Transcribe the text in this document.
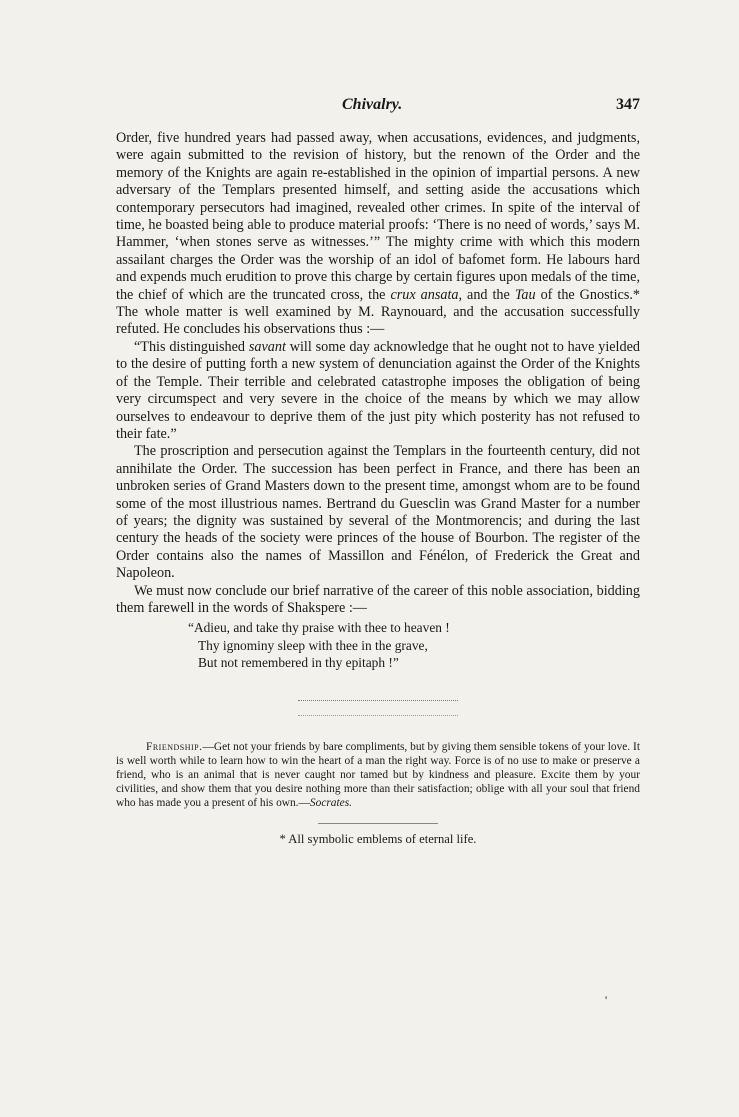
Chivalry.	347

Order, five hundred years had passed away, when accusations, evidences, and judgments, were again submitted to the revision of history, but the renown of the Order and the memory of the Knights are again re-established in the opinion of impartial persons. A new adversary of the Templars presented himself, and setting aside the accusations which contemporary persecutors had imagined, revealed other crimes. In spite of the interval of time, he boasted being able to produce material proofs: ‘There is no need of words,’ says M. Hammer, ‘when stones serve as witnesses.’” The mighty crime with which this modern assailant charges the Order was the worship of an idol of bafomet form. He labours hard and expends much erudition to prove this charge by certain figures upon medals of the time, the chief of which are the truncated cross, the crux ansata, and the Tau of the Gnostics.* The whole matter is well examined by M. Raynouard, and the accusation successfully refuted. He concludes his observations thus :—

“This distinguished savant will some day acknowledge that he ought not to have yielded to the desire of putting forth a new system of denunciation against the Order of the Knights of the Temple. Their terrible and celebrated catastrophe imposes the obligation of being very circumspect and very severe in the choice of the means by which we may allow ourselves to endeavour to deprive them of the just pity which posterity has not refused to their fate.”

The proscription and persecution against the Templars in the fourteenth century, did not annihilate the Order. The succession has been perfect in France, and there has been an unbroken series of Grand Masters down to the present time, amongst whom are to be found some of the most illustrious names. Bertrand du Guesclin was Grand Master for a number of years; the dignity was sustained by several of the Montmorencis; and during the last century the heads of the society were princes of the house of Bourbon. The register of the Order contains also the names of Massillon and Fénélon, of Frederick the Great and Napoleon.

We must now conclude our brief narrative of the career of this noble association, bidding them farewell in the words of Shakspere :—

“Adieu, and take thy praise with thee to heaven !
Thy ignominy sleep with thee in the grave,
But not remembered in thy epitaph !”

Friendship.—Get not your friends by bare compliments, but by giving them sensible tokens of your love. It is well worth while to learn how to win the heart of a man the right way. Force is of no use to make or preserve a friend, who is an animal that is never caught nor tamed but by kindness and pleasure. Excite them by your civilities, and show them that you desire nothing more than their satisfaction; oblige with all your soul that friend who has made you a present of his own.—Socrates.

* All symbolic emblems of eternal life.
'
